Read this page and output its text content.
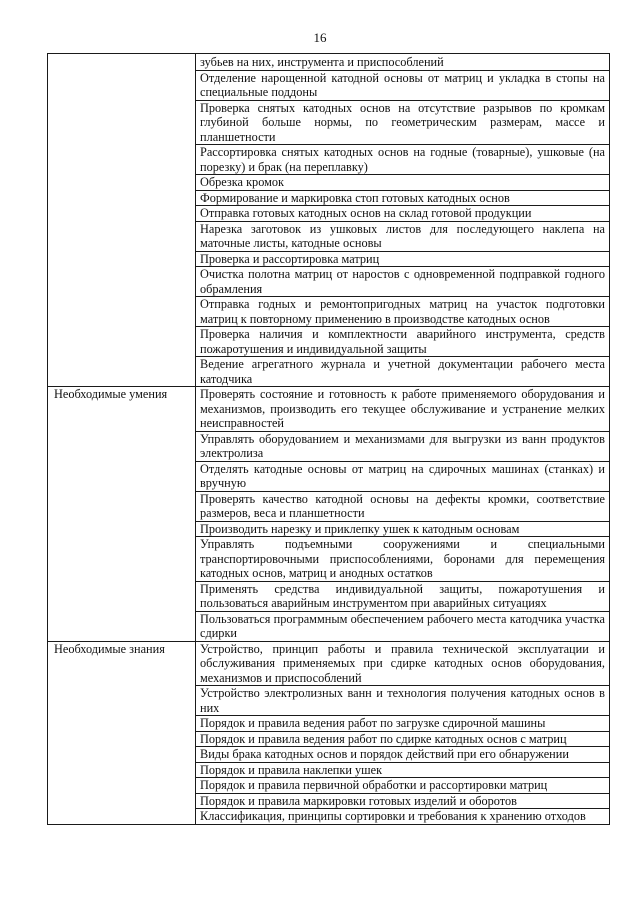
16
	зубьев на них, инструмента и приспособлений
	Отделение нарощенной катодной основы от матриц и укладка в стопы на специальные поддоны
	Проверка снятых катодных основ на отсутствие разрывов по кромкам глубиной больше нормы, по геометрическим размерам, массе и планшетности
	Рассортировка снятых катодных основ на годные (товарные), ушковые (на порезку) и брак (на переплавку)
	Обрезка кромок
	Формирование и маркировка стоп готовых катодных основ
	Отправка готовых катодных основ на склад готовой продукции
	Нарезка заготовок из ушковых листов для последующего наклепа на маточные листы, катодные основы
	Проверка и рассортировка матриц
	Очистка полотна матриц от наростов с одновременной подправкой годного обрамления
	Отправка годных и ремонтопригодных матриц на участок подготовки матриц к повторному применению в производстве катодных основ
	Проверка наличия и комплектности аварийного инструмента, средств пожаротушения и индивидуальной защиты
	Ведение агрегатного журнала и учетной документации рабочего места катодчика
Необходимые умения	Проверять состояние и готовность к работе применяемого оборудования и механизмов, производить его текущее обслуживание и устранение мелких неисправностей
	Управлять оборудованием и механизмами для выгрузки из ванн продуктов электролиза
	Отделять катодные основы от матриц на сдирочных машинах (станках) и вручную
	Проверять качество катодной основы на дефекты кромки, соответствие размеров, веса и планшетности
	Производить нарезку и приклепку ушек к катодным основам
	Управлять подъемными сооружениями и специальными транспортировочными приспособлениями, боронами для перемещения катодных основ, матриц и анодных остатков
	Применять средства индивидуальной защиты, пожаротушения и пользоваться аварийным инструментом при аварийных ситуациях
	Пользоваться программным обеспечением рабочего места катодчика участка сдирки
Необходимые знания	Устройство, принцип работы и правила технической эксплуатации и обслуживания применяемых при сдирке катодных основ оборудования, механизмов и приспособлений
	Устройство электролизных ванн и технология получения катодных основ в них
	Порядок и правила ведения работ по загрузке сдирочной машины
	Порядок и правила ведения работ по сдирке катодных основ с матриц
	Виды брака катодных основ и порядок действий при его обнаружении
	Порядок и правила наклепки ушек
	Порядок и правила первичной обработки и рассортировки матриц
	Порядок и правила маркировки готовых изделий и оборотов
	Классификация, принципы сортировки и требования к хранению отходов
